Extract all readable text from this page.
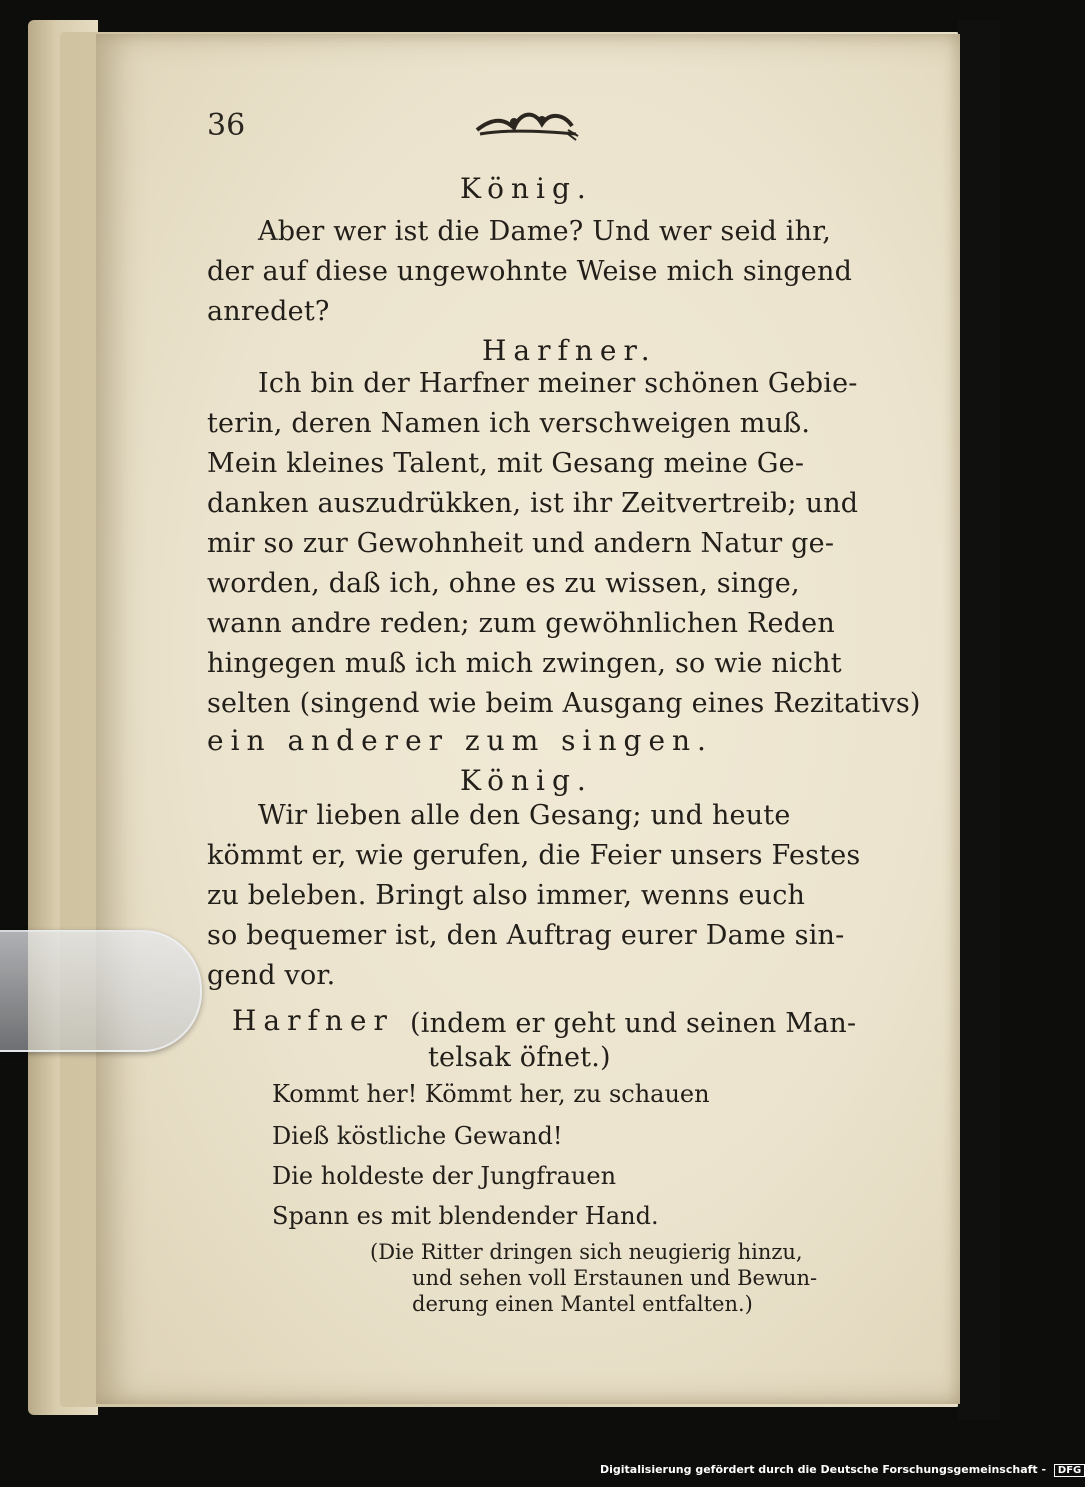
36
König.
Aber wer ist die Dame? Und wer seid ihr,
der auf diese ungewohnte Weise mich singend
anredet?
Harfner.
Ich bin der Harfner meiner schönen Gebie-
terin, deren Namen ich verschweigen muß.
Mein kleines Talent, mit Gesang meine Ge-
danken auszudrükken, ist ihr Zeitvertreib; und
mir so zur Gewohnheit und andern Natur ge-
worden, daß ich, ohne es zu wissen, singe,
wann andre reden; zum gewöhnlichen Reden
hingegen muß ich mich zwingen, so wie nicht
selten (singend wie beim Ausgang eines Rezitativs)
ein anderer zum singen.
König.
Wir lieben alle den Gesang; und heute
kömmt er, wie gerufen, die Feier unsers Festes
zu beleben. Bringt also immer, wenns euch
so bequemer ist, den Auftrag eurer Dame sin-
gend vor.
Harfner (indem er geht und seinen Man-
telsak öfnet.)
Kommt her! Kömmt her, zu schauen
Dieß köstliche Gewand!
Die holdeste der Jungfrauen
Spann es mit blendender Hand.
(Die Ritter dringen sich neugierig hinzu,
und sehen voll Erstaunen und Bewun-
derung einen Mantel entfalten.)
Digitalisierung gefördert durch die Deutsche Forschungsgemeinschaft - DFG
